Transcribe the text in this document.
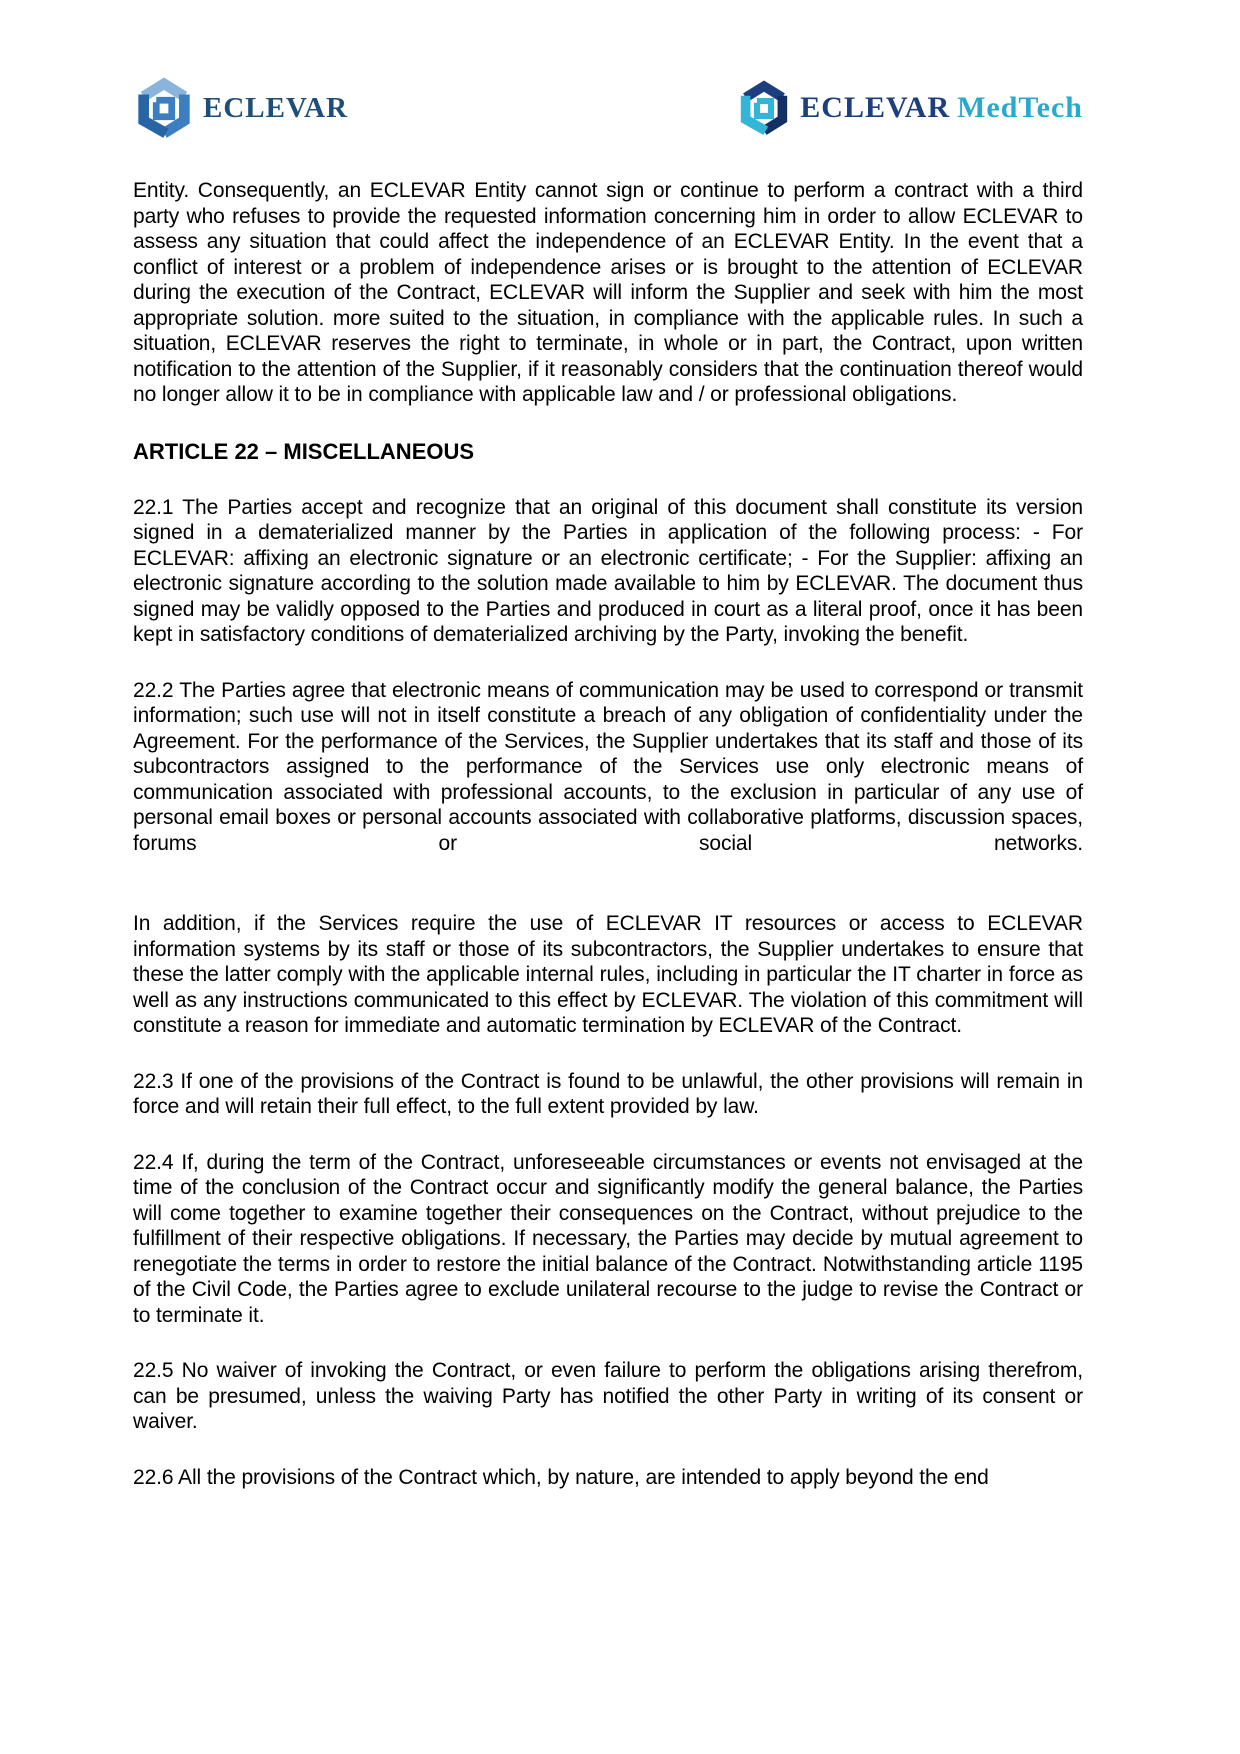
ECLEVAR	ECLEVAR MedTech

Entity. Consequently, an ECLEVAR Entity cannot sign or continue to perform a contract with a third party who refuses to provide the requested information concerning him in order to allow ECLEVAR to assess any situation that could affect the independence of an ECLEVAR Entity. In the event that a conflict of interest or a problem of independence arises or is brought to the attention of ECLEVAR during the execution of the Contract, ECLEVAR will inform the Supplier and seek with him the most appropriate solution. more suited to the situation, in compliance with the applicable rules. In such a situation, ECLEVAR reserves the right to terminate, in whole or in part, the Contract, upon written notification to the attention of the Supplier, if it reasonably considers that the continuation thereof would no longer allow it to be in compliance with applicable law and / or professional obligations.

ARTICLE 22 – MISCELLANEOUS

22.1 The Parties accept and recognize that an original of this document shall constitute its version signed in a dematerialized manner by the Parties in application of the following process: - For ECLEVAR: affixing an electronic signature or an electronic certificate; - For the Supplier: affixing an electronic signature according to the solution made available to him by ECLEVAR. The document thus signed may be validly opposed to the Parties and produced in court as a literal proof, once it has been kept in satisfactory conditions of dematerialized archiving by the Party, invoking the benefit.

22.2 The Parties agree that electronic means of communication may be used to correspond or transmit information; such use will not in itself constitute a breach of any obligation of confidentiality under the Agreement. For the performance of the Services, the Supplier undertakes that its staff and those of its subcontractors assigned to the performance of the Services use only electronic means of communication associated with professional accounts, to the exclusion in particular of any use of personal email boxes or personal accounts associated with collaborative platforms, discussion spaces, forums or social networks.

In addition, if the Services require the use of ECLEVAR IT resources or access to ECLEVAR information systems by its staff or those of its subcontractors, the Supplier undertakes to ensure that these the latter comply with the applicable internal rules, including in particular the IT charter in force as well as any instructions communicated to this effect by ECLEVAR. The violation of this commitment will constitute a reason for immediate and automatic termination by ECLEVAR of the Contract.

22.3 If one of the provisions of the Contract is found to be unlawful, the other provisions will remain in force and will retain their full effect, to the full extent provided by law.

22.4 If, during the term of the Contract, unforeseeable circumstances or events not envisaged at the time of the conclusion of the Contract occur and significantly modify the general balance, the Parties will come together to examine together their consequences on the Contract, without prejudice to the fulfillment of their respective obligations. If necessary, the Parties may decide by mutual agreement to renegotiate the terms in order to restore the initial balance of the Contract. Notwithstanding article 1195 of the Civil Code, the Parties agree to exclude unilateral recourse to the judge to revise the Contract or to terminate it.

22.5 No waiver of invoking the Contract, or even failure to perform the obligations arising therefrom, can be presumed, unless the waiving Party has notified the other Party in writing of its consent or waiver.

22.6 All the provisions of the Contract which, by nature, are intended to apply beyond the end
